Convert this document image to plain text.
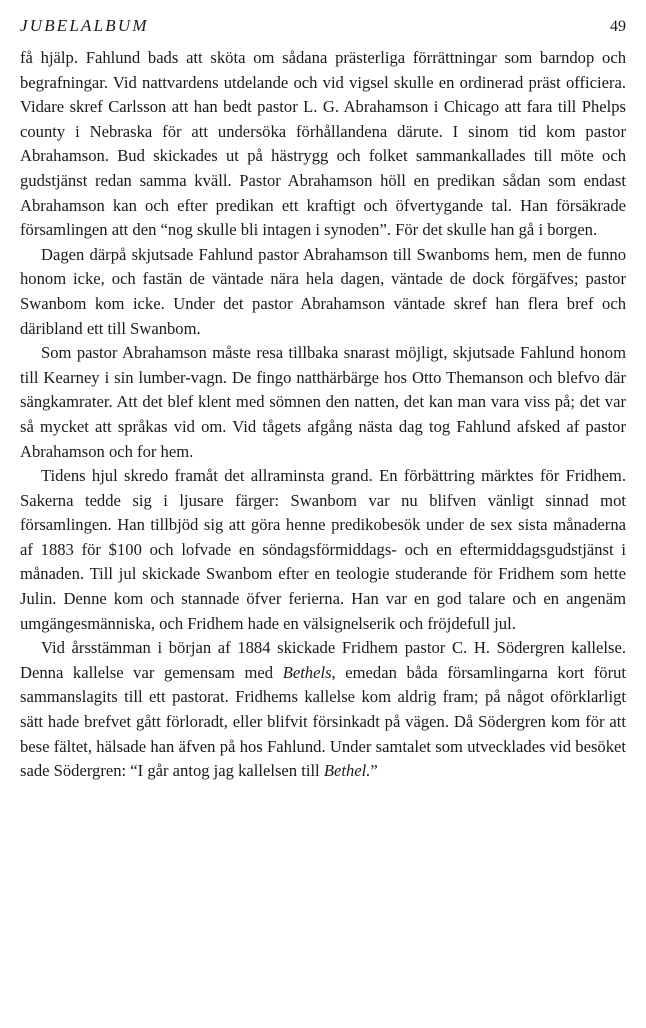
JUBELALBUM	49

få hjälp. Fahlund bads att sköta om sådana prästerliga förrättningar som barndop och begrafningar. Vid nattvardens utdelande och vid vigsel skulle en ordinerad präst officiera. Vidare skref Carlsson att han bedt pastor L. G. Abrahamson i Chicago att fara till Phelps county i Nebraska för att undersöka förhållandena därute. I sinom tid kom pastor Abrahamson. Bud skickades ut på hästrygg och folket sammankallades till möte och gudstjänst redan samma kväll. Pastor Abrahamson höll en predikan sådan som endast Abrahamson kan och efter predikan ett kraftigt och öfvertygande tal. Han försäkrade församlingen att den “nog skulle bli intagen i synoden”. För det skulle han gå i borgen.

Dagen därpå skjutsade Fahlund pastor Abrahamson till Swanboms hem, men de funno honom icke, och fastän de väntade nära hela dagen, väntade de dock förgäfves; pastor Swanbom kom icke. Under det pastor Abrahamson väntade skref han flera bref och däribland ett till Swanbom.

Som pastor Abrahamson måste resa tillbaka snarast möjligt, skjutsade Fahlund honom till Kearney i sin lumber-vagn. De fingo natthärbärge hos Otto Themanson och blefvo där sängkamrater. Att det blef klent med sömnen den natten, det kan man vara viss på; det var så mycket att språkas vid om. Vid tågets afgång nästa dag tog Fahlund afsked af pastor Abrahamson och for hem.

Tidens hjul skredo framåt det allraminsta grand. En förbättring märktes för Fridhem. Sakerna tedde sig i ljusare färger: Swanbom var nu blifven vänligt sinnad mot församlingen. Han tillbjöd sig att göra henne predikobesök under de sex sista månaderna af 1883 för $100 och lofvade en söndagsförmiddags- och en eftermiddagsgudstjänst i månaden. Till jul skickade Swanbom efter en teologie studerande för Fridhem som hette Julin. Denne kom och stannade öfver ferierna. Han var en god talare och en angenäm umgängesmänniska, och Fridhem hade en välsignelserik och fröjdefull jul.

Vid årsstämman i början af 1884 skickade Fridhem pastor C. H. Södergren kallelse. Denna kallelse var gemensam med Bethels, emedan båda församlingarna kort förut sammanslagits till ett pastorat. Fridhems kallelse kom aldrig fram; på något oförklarligt sätt hade brefvet gått förloradt, eller blifvit försinkadt på vägen. Då Södergren kom för att bese fältet, hälsade han äfven på hos Fahlund. Under samtalet som utvecklades vid besöket sade Södergren: “I går antog jag kallelsen till Bethel.”
